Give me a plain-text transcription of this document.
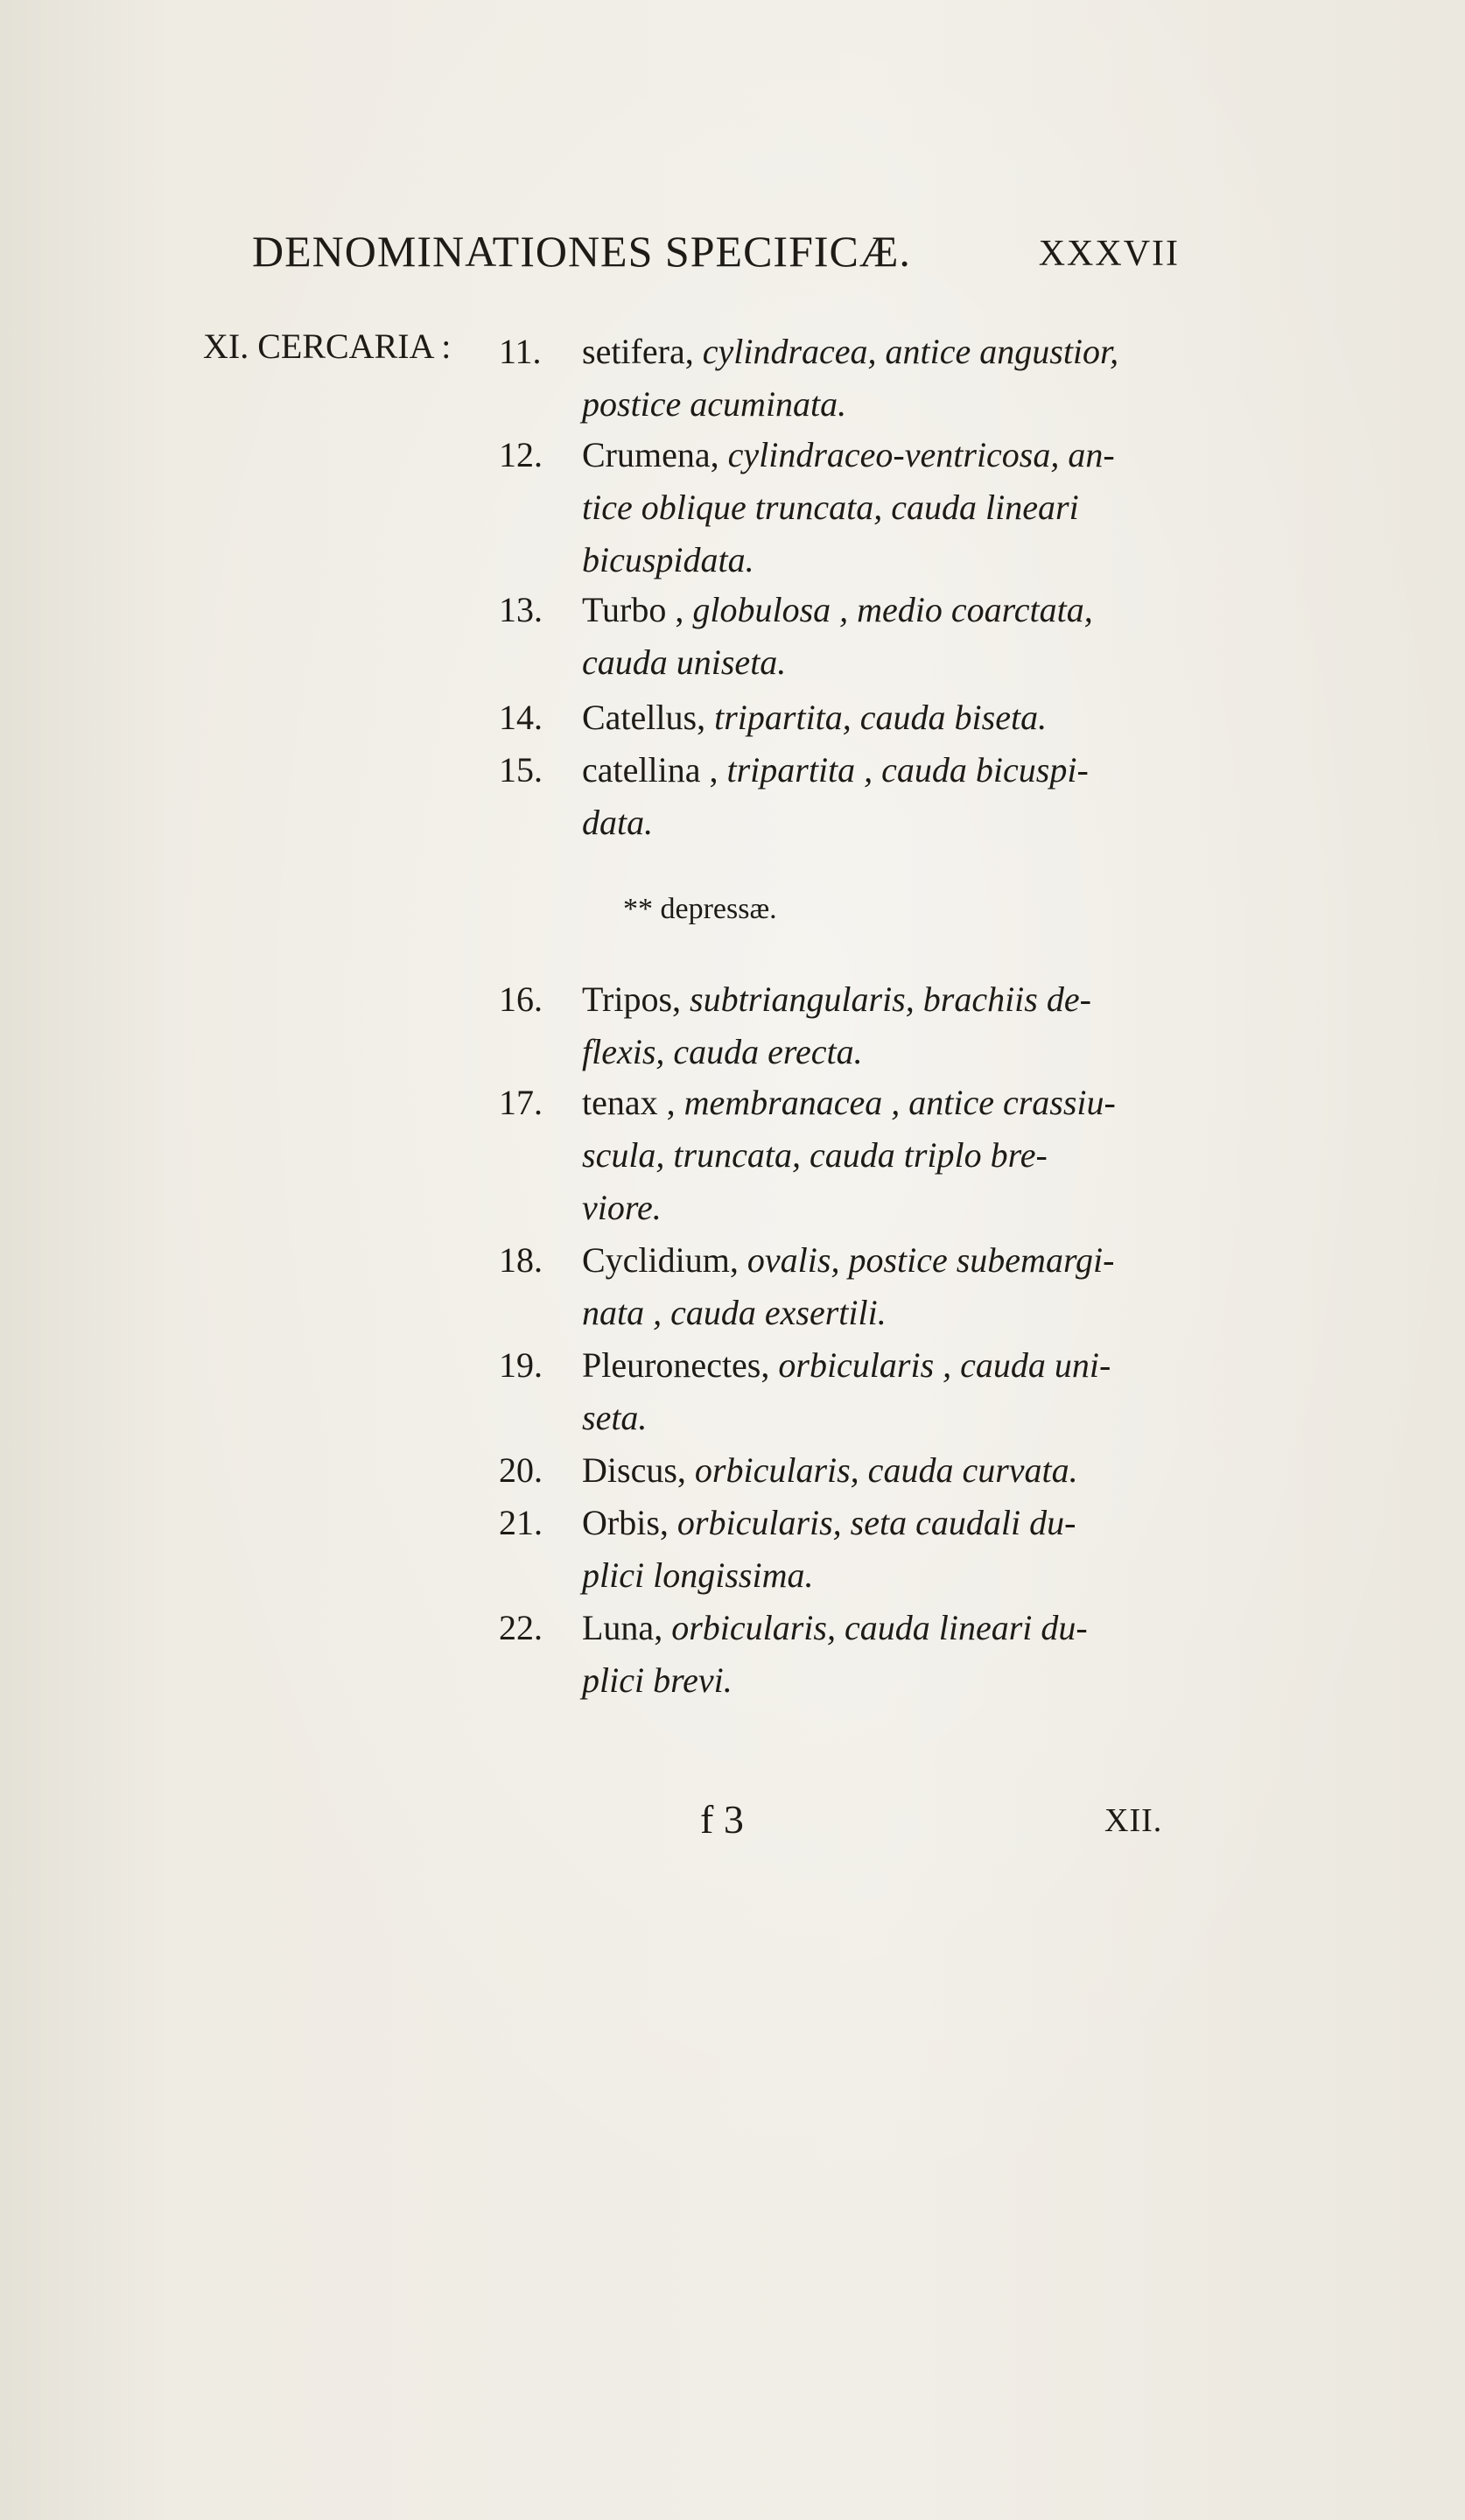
DENOMINATIONES SPECIFICÆ.	XXXVII
XI. CERCARIA :
** depressæ.
11.	setifera, cylindracea, antice angustior,
postice acuminata.
12.	Crumena, cylindraceo-ventricosa, an-
tice oblique truncata, cauda lineari
bicuspidata.
13.	Turbo , globulosa , medio coarctata,
cauda uniseta.
14.	Catellus, tripartita, cauda biseta.
15.	catellina , tripartita , cauda bicuspi-
data.
16.	Tripos, subtriangularis, brachiis de-
flexis, cauda erecta.
17.	tenax , membranacea , antice crassiu-
scula, truncata, cauda triplo bre-
viore.
18.	Cyclidium, ovalis, postice subemargi-
nata , cauda exsertili.
19.	Pleuronectes, orbicularis , cauda uni-
seta.
20.	Discus, orbicularis, cauda curvata.
21.	Orbis, orbicularis, seta caudali du-
plici longissima.
22.	Luna, orbicularis, cauda lineari du-
plici brevi.
f 3	XII.
